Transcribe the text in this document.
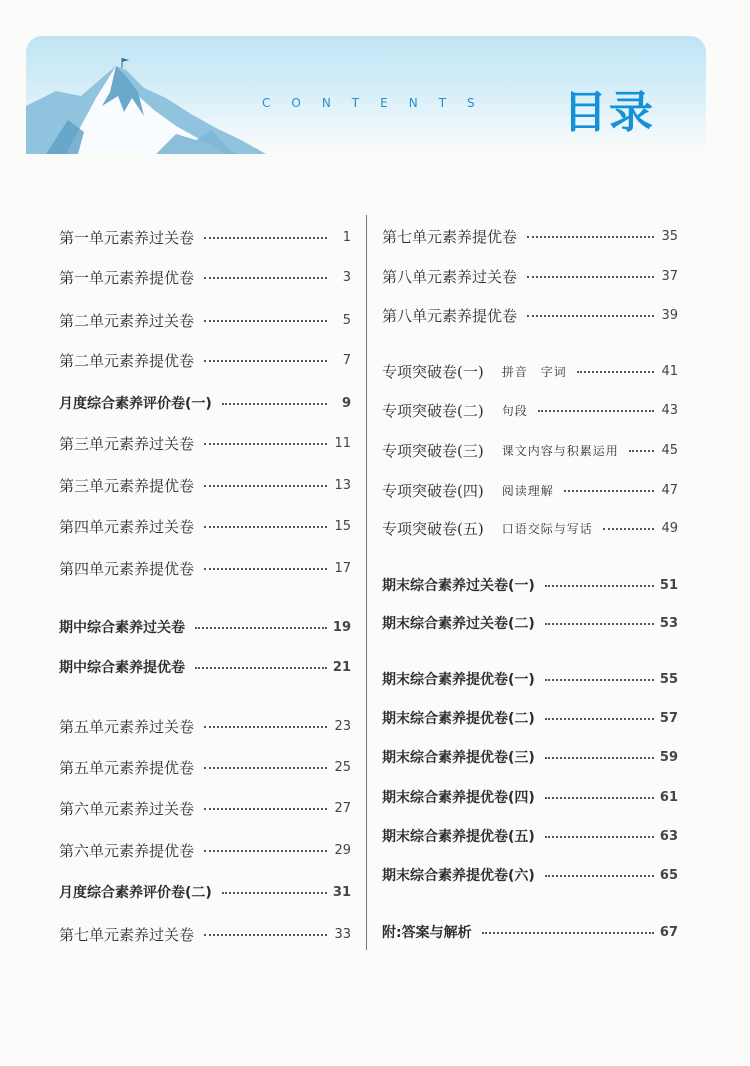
CONTENTS 目录
第一单元素养过关卷	1
第一单元素养提优卷	3
第二单元素养过关卷	5
第二单元素养提优卷	7
月度综合素养评价卷(一)	9
第三单元素养过关卷	11
第三单元素养提优卷	13
第四单元素养过关卷	15
第四单元素养提优卷	17
期中综合素养过关卷	19
期中综合素养提优卷	21
第五单元素养过关卷	23
第五单元素养提优卷	25
第六单元素养过关卷	27
第六单元素养提优卷	29
月度综合素养评价卷(二)	31
第七单元素养过关卷	33
第七单元素养提优卷	35
第八单元素养过关卷	37
第八单元素养提优卷	39
专项突破卷(一) 拼音　字词	41
专项突破卷(二) 句段	43
专项突破卷(三) 课文内容与积累运用	45
专项突破卷(四) 阅读理解	47
专项突破卷(五) 口语交际与写话	49
期末综合素养过关卷(一)	51
期末综合素养过关卷(二)	53
期末综合素养提优卷(一)	55
期末综合素养提优卷(二)	57
期末综合素养提优卷(三)	59
期末综合素养提优卷(四)	61
期末综合素养提优卷(五)	63
期末综合素养提优卷(六)	65
附:答案与解析	67
